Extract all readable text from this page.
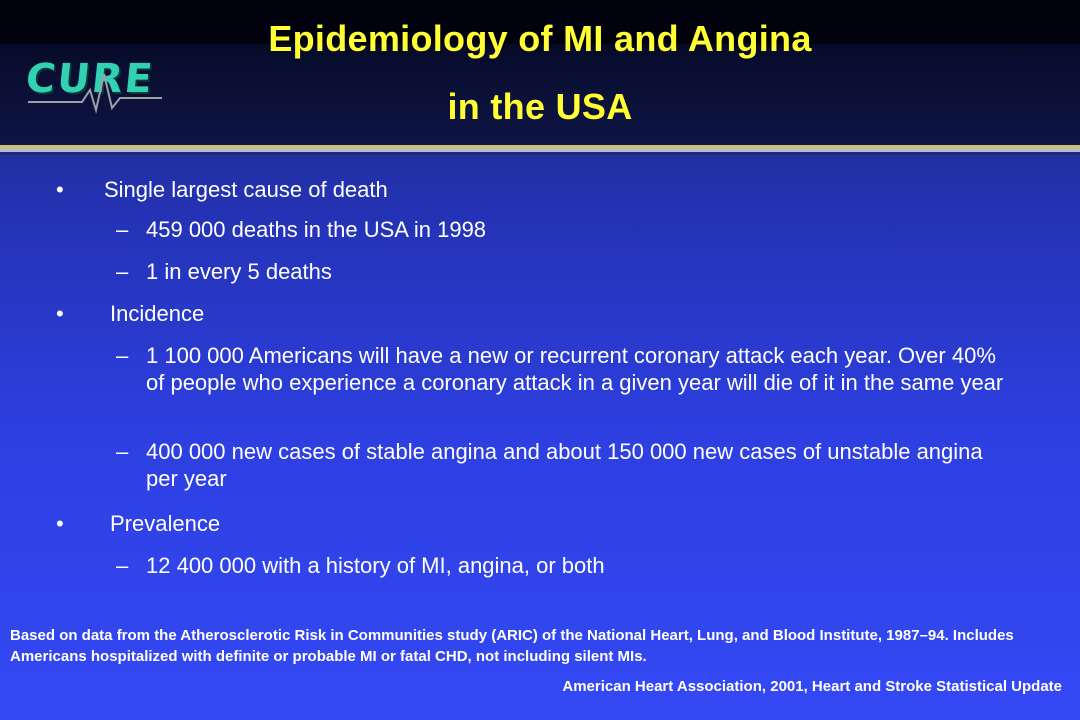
CURE
Epidemiology of MI and Angina
in the USA
• Single largest cause of death
– 459 000 deaths in the USA in 1998
– 1 in every 5 deaths
• Incidence
– 1 100 000 Americans will have a new or recurrent coronary attack each year. Over 40% of people who experience a coronary attack in a given year will die of it in the same year
– 400 000 new cases of stable angina and about 150 000 new cases of unstable angina per year
• Prevalence
– 12 400 000 with a history of MI, angina, or both
Based on data from the Atherosclerotic Risk in Communities study (ARIC) of the National Heart, Lung, and Blood Institute, 1987–94. Includes Americans hospitalized with definite or probable MI or fatal CHD, not including silent MIs.
American Heart Association, 2001, Heart and Stroke Statistical Update
